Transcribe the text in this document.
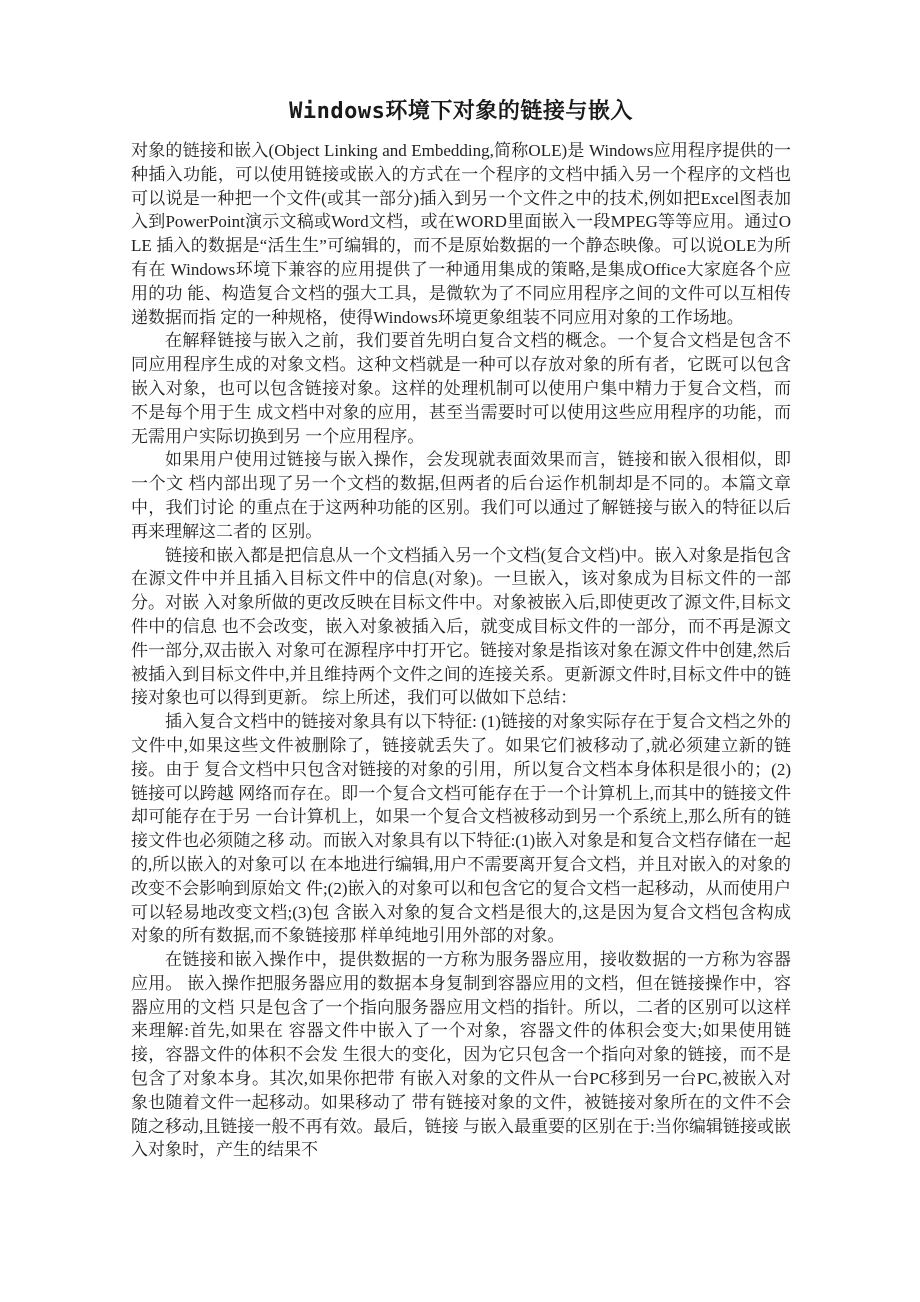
Windows环境下对象的链接与嵌入

对象的链接和嵌入(Object Linking and Embedding,简称OLE)是 Windows应用程序提供的一 种插入功能，可以使用链接或嵌入的方式在一个程序的文档中插入另一个程序的文档也可以说是一种把一个文件(或其一部分)插入到另一个文件之中的技术,例如把Excel图表加入到PowerPoint演示文稿或Word文档，或在WORD里面嵌入一段MPEG等等应用。通过OLE 插入的数据是“活生生”可编辑的，而不是原始数据的一个静态映像。可以说OLE为所有在 Windows环境下兼容的应用提供了一种通用集成的策略,是集成Office大家庭各个应用的功 能、构造复合文档的强大工具，是微软为了不同应用程序之间的文件可以互相传递数据而指 定的一种规格，使得Windows环境更象组装不同应用对象的工作场地。

在解释链接与嵌入之前，我们要首先明白复合文档的概念。一个复合文档是包含不同应用程序生成的对象文档。这种文档就是一种可以存放对象的所有者，它既可以包含嵌入对象，也可以包含链接对象。这样的处理机制可以使用户集中精力于复合文档，而不是每个用于生 成文档中对象的应用，甚至当需要时可以使用这些应用程序的功能，而无需用户实际切换到另 一个应用程序。

如果用户使用过链接与嵌入操作，会发现就表面效果而言，链接和嵌入很相似，即一个文 档内部出现了另一个文档的数据,但两者的后台运作机制却是不同的。本篇文章中，我们讨论 的重点在于这两种功能的区别。我们可以通过了解链接与嵌入的特征以后再来理解这二者的 区别。

链接和嵌入都是把信息从一个文档插入另一个文档(复合文档)中。嵌入对象是指包含在源文件中并且插入目标文件中的信息(对象)。一旦嵌入，该对象成为目标文件的一部分。对嵌 入对象所做的更改反映在目标文件中。对象被嵌入后,即使更改了源文件,目标文件中的信息 也不会改变，嵌入对象被插入后，就变成目标文件的一部分，而不再是源文件一部分,双击嵌入 对象可在源程序中打开它。链接对象是指该对象在源文件中创建,然后被插入到目标文件中,并且维持两个文件之间的连接关系。更新源文件时,目标文件中的链接对象也可以得到更新。 综上所述，我们可以做如下总结：

插入复合文档中的链接对象具有以下特征: (1)链接的对象实际存在于复合文档之外的文件中,如果这些文件被删除了，链接就丢失了。如果它们被移动了,就必须建立新的链接。由于 复合文档中只包含对链接的对象的引用，所以复合文档本身体积是很小的；(2)链接可以跨越 网络而存在。即一个复合文档可能存在于一个计算机上,而其中的链接文件却可能存在于另 一台计算机上，如果一个复合文档被移动到另一个系统上,那么所有的链接文件也必须随之移 动。而嵌入对象具有以下特征:(1)嵌入对象是和复合文档存储在一起的,所以嵌入的对象可以 在本地进行编辑,用户不需要离开复合文档，并且对嵌入的对象的改变不会影响到原始文 件;(2)嵌入的对象可以和包含它的复合文档一起移动，从而使用户可以轻易地改变文档;(3)包 含嵌入对象的复合文档是很大的,这是因为复合文档包含构成对象的所有数据,而不象链接那 样单纯地引用外部的对象。

在链接和嵌入操作中，提供数据的一方称为服务器应用，接收数据的一方称为容器应用。 嵌入操作把服务器应用的数据本身复制到容器应用的文档，但在链接操作中，容器应用的文档 只是包含了一个指向服务器应用文档的指针。所以，二者的区别可以这样来理解:首先,如果在 容器文件中嵌入了一个对象，容器文件的体积会变大;如果使用链接，容器文件的体积不会发 生很大的变化，因为它只包含一个指向对象的链接，而不是包含了对象本身。其次,如果你把带 有嵌入对象的文件从一台PC移到另一台PC,被嵌入对象也随着文件一起移动。如果移动了 带有链接对象的文件，被链接对象所在的文件不会随之移动,且链接一般不再有效。最后，链接 与嵌入最重要的区别在于:当你编辑链接或嵌入对象时，产生的结果不
